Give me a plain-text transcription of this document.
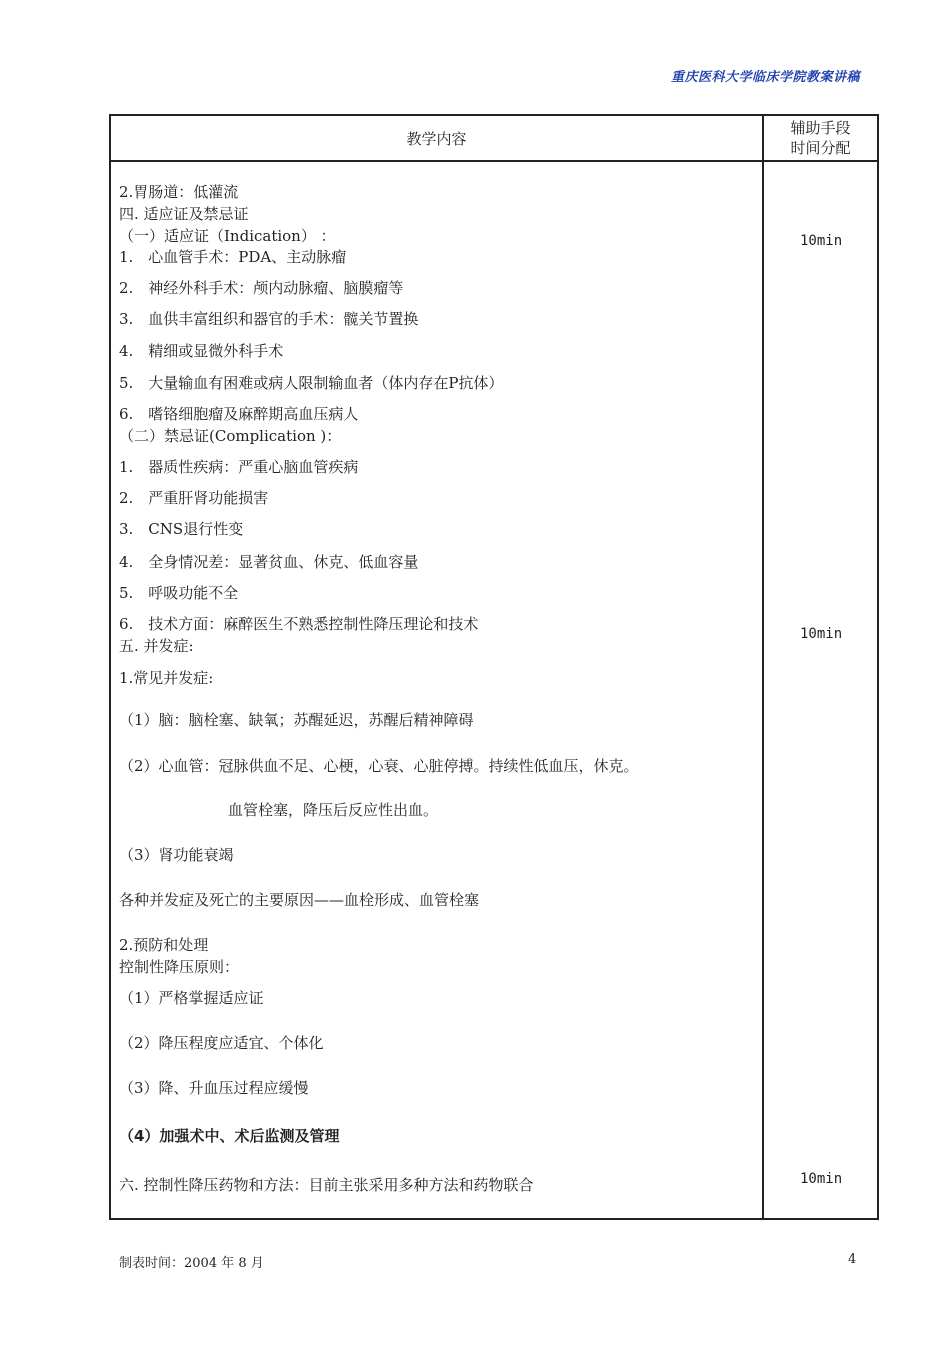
重庆医科大学临床学院教案讲稿
教学内容
辅助手段
时间分配
2.胃肠道：低灌流
四. 适应证及禁忌证
（一）适应证（Indication） ：
1.　心血管手术：PDA、主动脉瘤
2.　神经外科手术：颅内动脉瘤、脑膜瘤等
3.　血供丰富组织和器官的手术：髋关节置换
4.　精细或显微外科手术
5.　大量输血有困难或病人限制输血者（体内存在P抗体）
6.　嗜铬细胞瘤及麻醉期高血压病人
（二）禁忌证(Complication )：
1.　器质性疾病：严重心脑血管疾病
2.　严重肝肾功能损害
3.　CNS退行性变
4.　全身情况差：显著贫血、休克、低血容量
5.　呼吸功能不全
6.　技术方面：麻醉医生不熟悉控制性降压理论和技术
五. 并发症:
1.常见并发症:
（1）脑：脑栓塞、缺氧；苏醒延迟，苏醒后精神障碍
（2）心血管：冠脉供血不足、心梗，心衰、心脏停搏。持续性低血压，休克。
血管栓塞，降压后反应性出血。
（3）肾功能衰竭
各种并发症及死亡的主要原因——血栓形成、血管栓塞
2.预防和处理
控制性降压原则：
（1）严格掌握适应证
（2）降压程度应适宜、个体化
（3）降、升血压过程应缓慢
（4）加强术中、术后监测及管理
六. 控制性降压药物和方法：目前主张采用多种方法和药物联合
10min
10min
10min
制表时间：2004 年 8 月	4
